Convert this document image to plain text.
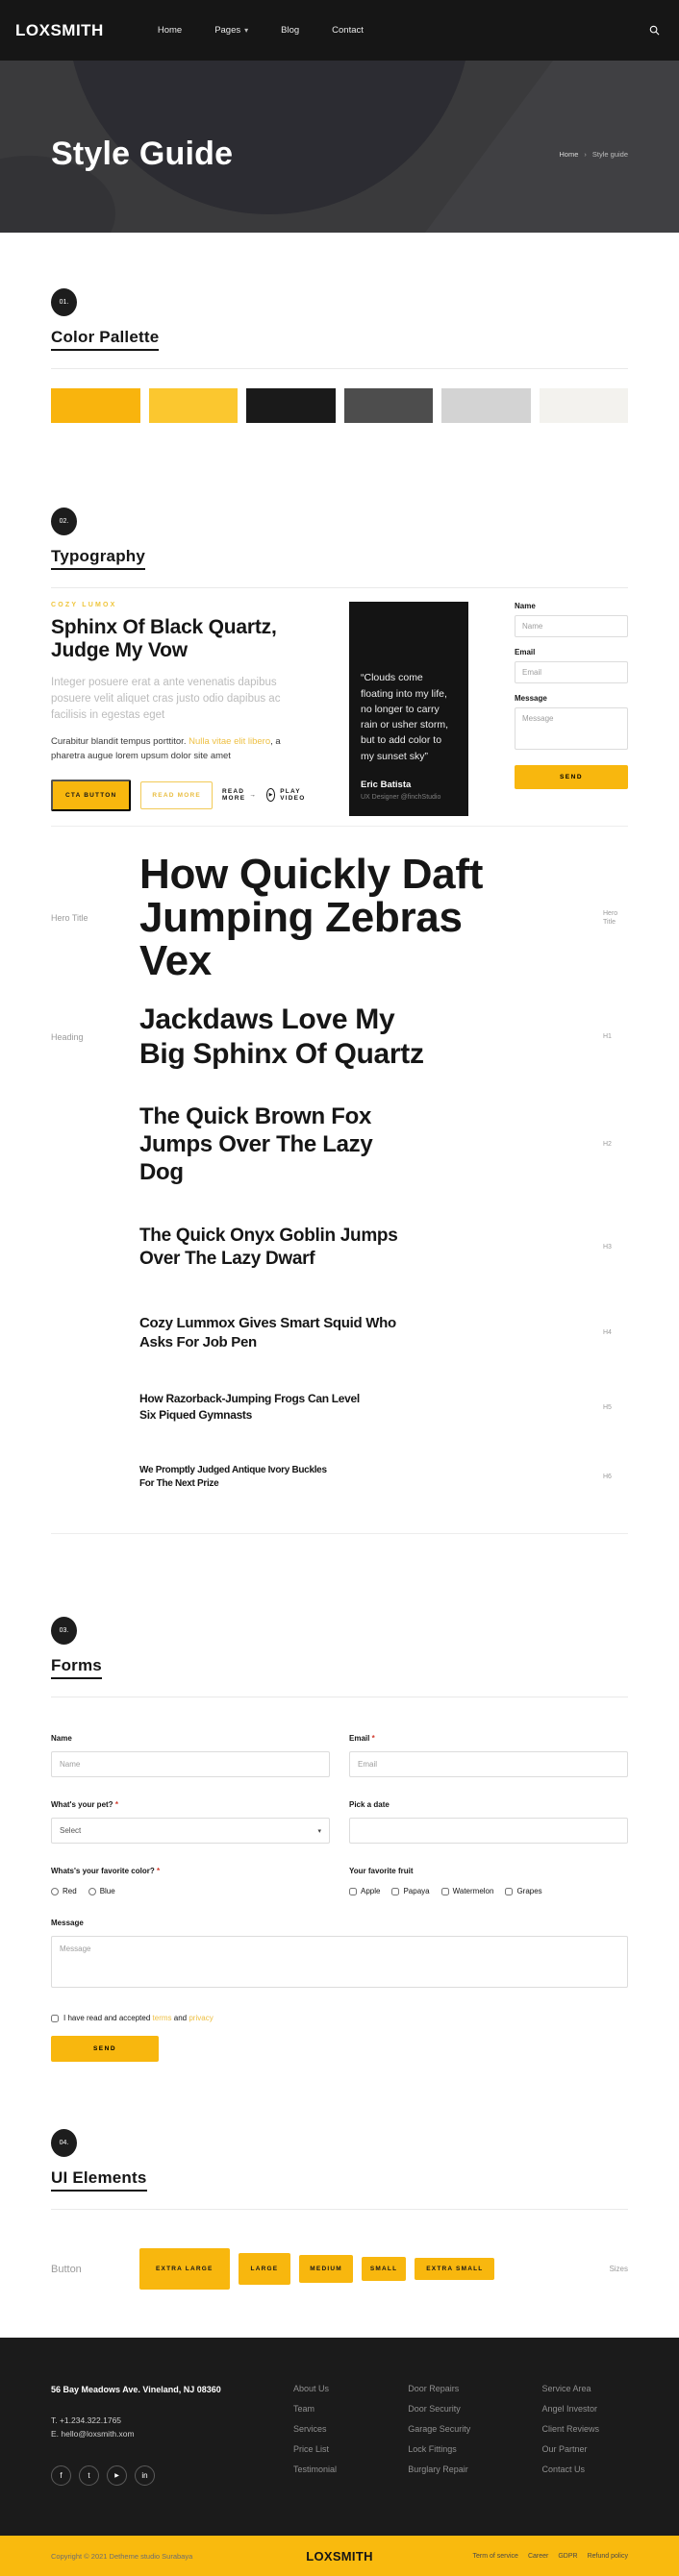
LOXSMITH	Home	Pages ▾	Blog	Contact
Style Guide	Home › Style guide
01.
Color Pallette
02.
Typography
COZY LUMOX
Sphinx Of Black Quartz, Judge My Vow
Integer posuere erat a ante venenatis dapibus posuere velit aliquet cras justo odio dapibus ac facilisis in egestas eget
Curabitur blandit tempus porttitor. Nulla vitae elit libero, a pharetra augue lorem upsum dolor site amet
CTA BUTTON	READ MORE	READ MORE →	▶	PLAY VIDEO
“Clouds come floating into my life, no longer to carry rain or usher storm, but to add color to my sunset sky”
Eric Batista
UX Designer @finchStudio
Name
Name
Email
Email
Message
Message
SEND
Hero Title
How Quickly Daft Jumping Zebras Vex
Hero Title
Heading
Jackdaws Love My Big Sphinx Of Quartz
H1
The Quick Brown Fox Jumps Over The Lazy Dog
H2
The Quick Onyx Goblin Jumps Over The Lazy Dwarf
H3
Cozy Lummox Gives Smart Squid Who Asks For Job Pen
H4
How Razorback-Jumping Frogs Can Level Six Piqued Gymnasts
H5
We Promptly Judged Antique Ivory Buckles For The Next Prize
H6
03.
Forms
Name Name	Email * Email
What's your pet? *
Select	▾
Pick a date
Whats's your favorite color? *
Red	Blue
Your favorite fruit
Apple	Papaya	Watermelon	Grapes
Message Message
I have read and accepted terms and privacy
SEND
04.
UI Elements
Button	EXTRA LARGE	LARGE	MEDIUM	SMALL	EXTRA SMALL	Sizes
56 Bay Meadows Ave. Vineland, NJ 08360
T. +1.234.322.1765
E. hello@loxsmith.xom
f	t	▶	in
About Us
Team
Services
Price List
Testimonial
Door Repairs
Door Security
Garage Security
Lock Fittings
Burglary Repair
Service Area
Angel Investor
Client Reviews
Our Partner
Contact Us
Copyright © 2021 Detheme studio Surabaya	LOXSMITH	Term of service Career GDPR Refund policy
